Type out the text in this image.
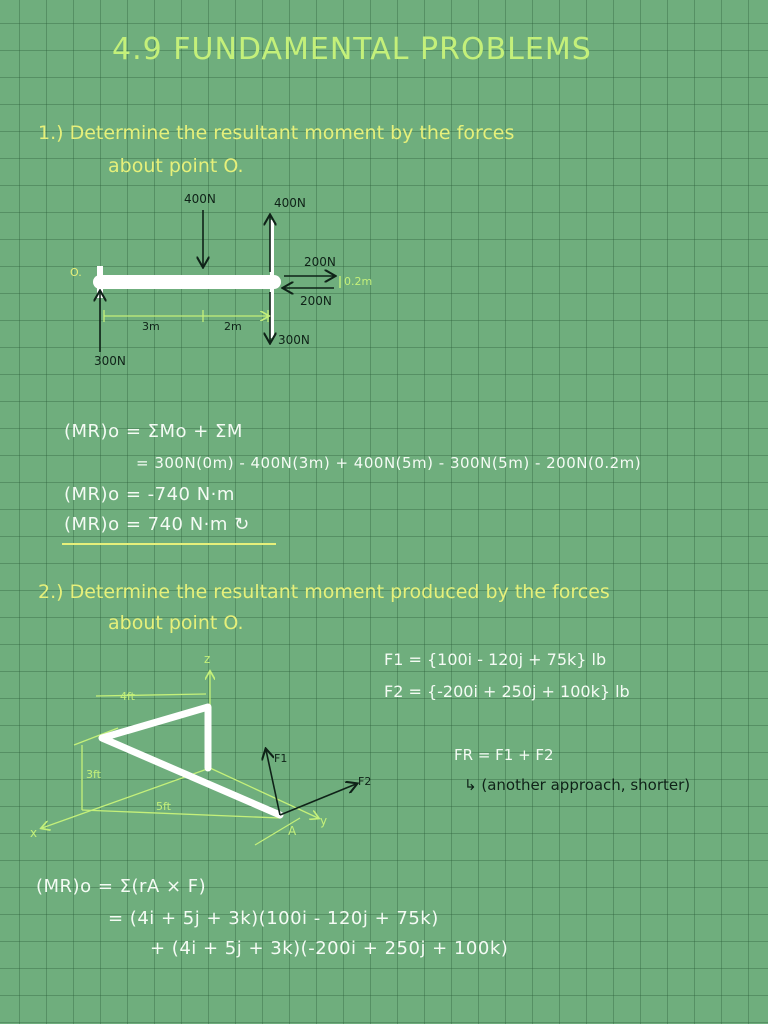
4.9 FUNDAMENTAL PROBLEMS
1.) Determine the resultant moment by the forces
about point O.
O.
400N	400N
200N
200N
0.2m
300N
300N
3m	2m
(MR)o = ΣMo + ΣM
= 300N(0m) - 400N(3m) + 400N(5m) - 300N(5m) - 200N(0.2m)
(MR)o = -740 N·m
(MR)o = 740 N·m ↻
2.) Determine the resultant moment produced by the forces
about point O.
z
x
y
A
4ft
3ft
5ft
F1
F2
F1 = {100i - 120j + 75k} lb
F2 = {-200i + 250j + 100k} lb
FR = F1 + F2
↳ (another approach, shorter)
(MR)o = Σ(rA × F)
= (4i + 5j + 3k)(100i - 120j + 75k)
+ (4i + 5j + 3k)(-200i + 250j + 100k)
